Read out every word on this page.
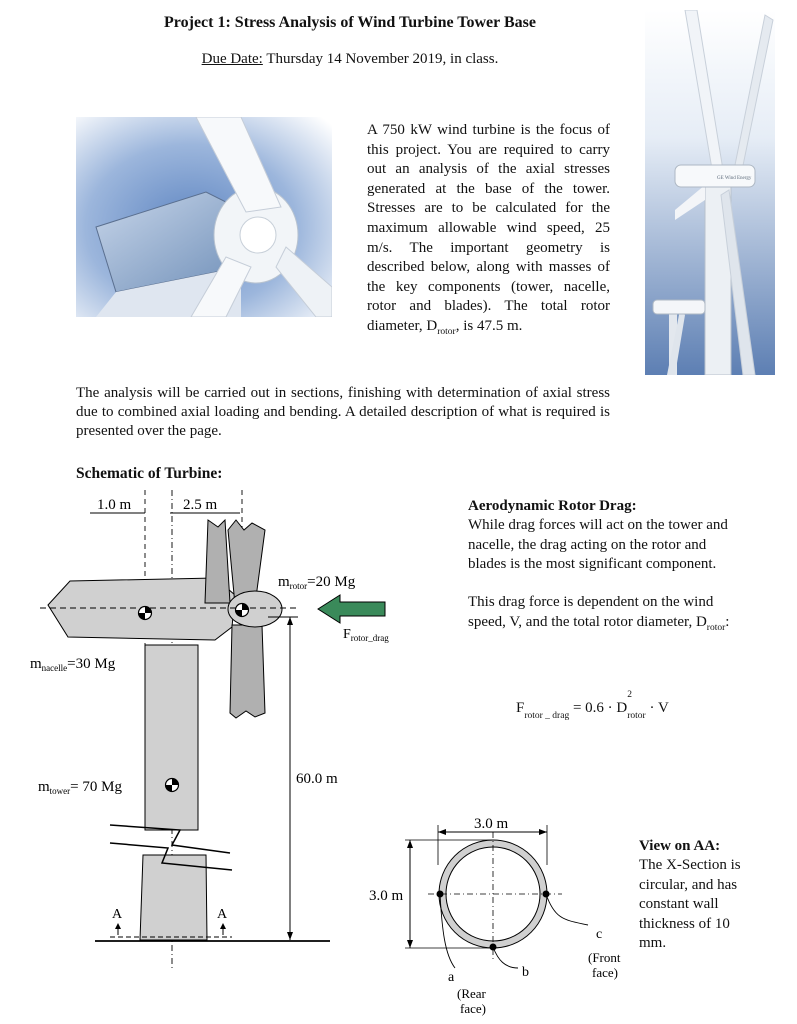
Project 1: Stress Analysis of Wind Turbine Tower Base
Due Date: Thursday 14 November 2019, in class.
GE Wind Energy
A 750 kW wind turbine is the focus of this project. You are required to carry out an analysis of the axial stresses generated at the base of the tower. Stresses are to be calculated for the maximum allowable wind speed, 25 m/s. The important geometry is described below, along with masses of the key components (tower, nacelle, rotor and blades). The total rotor diameter, $D_{rotor}$, is 47.5 m.
The analysis will be carried out in sections, finishing with determination of axial stress due to combined axial loading and bending. A detailed description of what is required is presented over the page.
Schematic of Turbine:
1.0 m	2.5 m
$F_{rotor\_drag}$
$m_{rotor}=20$ Mg
$m_{nacelle}=30$ Mg
$m_{tower}= 70$ Mg	60.0 m
A	A
Aerodynamic Rotor Drag:
While drag forces will act on the tower and nacelle, the drag acting on the rotor and blades is the most significant component.

This drag force is dependent on the wind speed, V, and the total rotor diameter, $D_{rotor}$:
$F_{rotor \_ drag} = 0.6 \cdot D$
2
$_{rotor}$ · V
3.0 m
3.0 m
a	b
c
(Rear
face)
(Front
face)
View on AA:
The X-Section is circular, and has constant wall thickness of 10 mm.
